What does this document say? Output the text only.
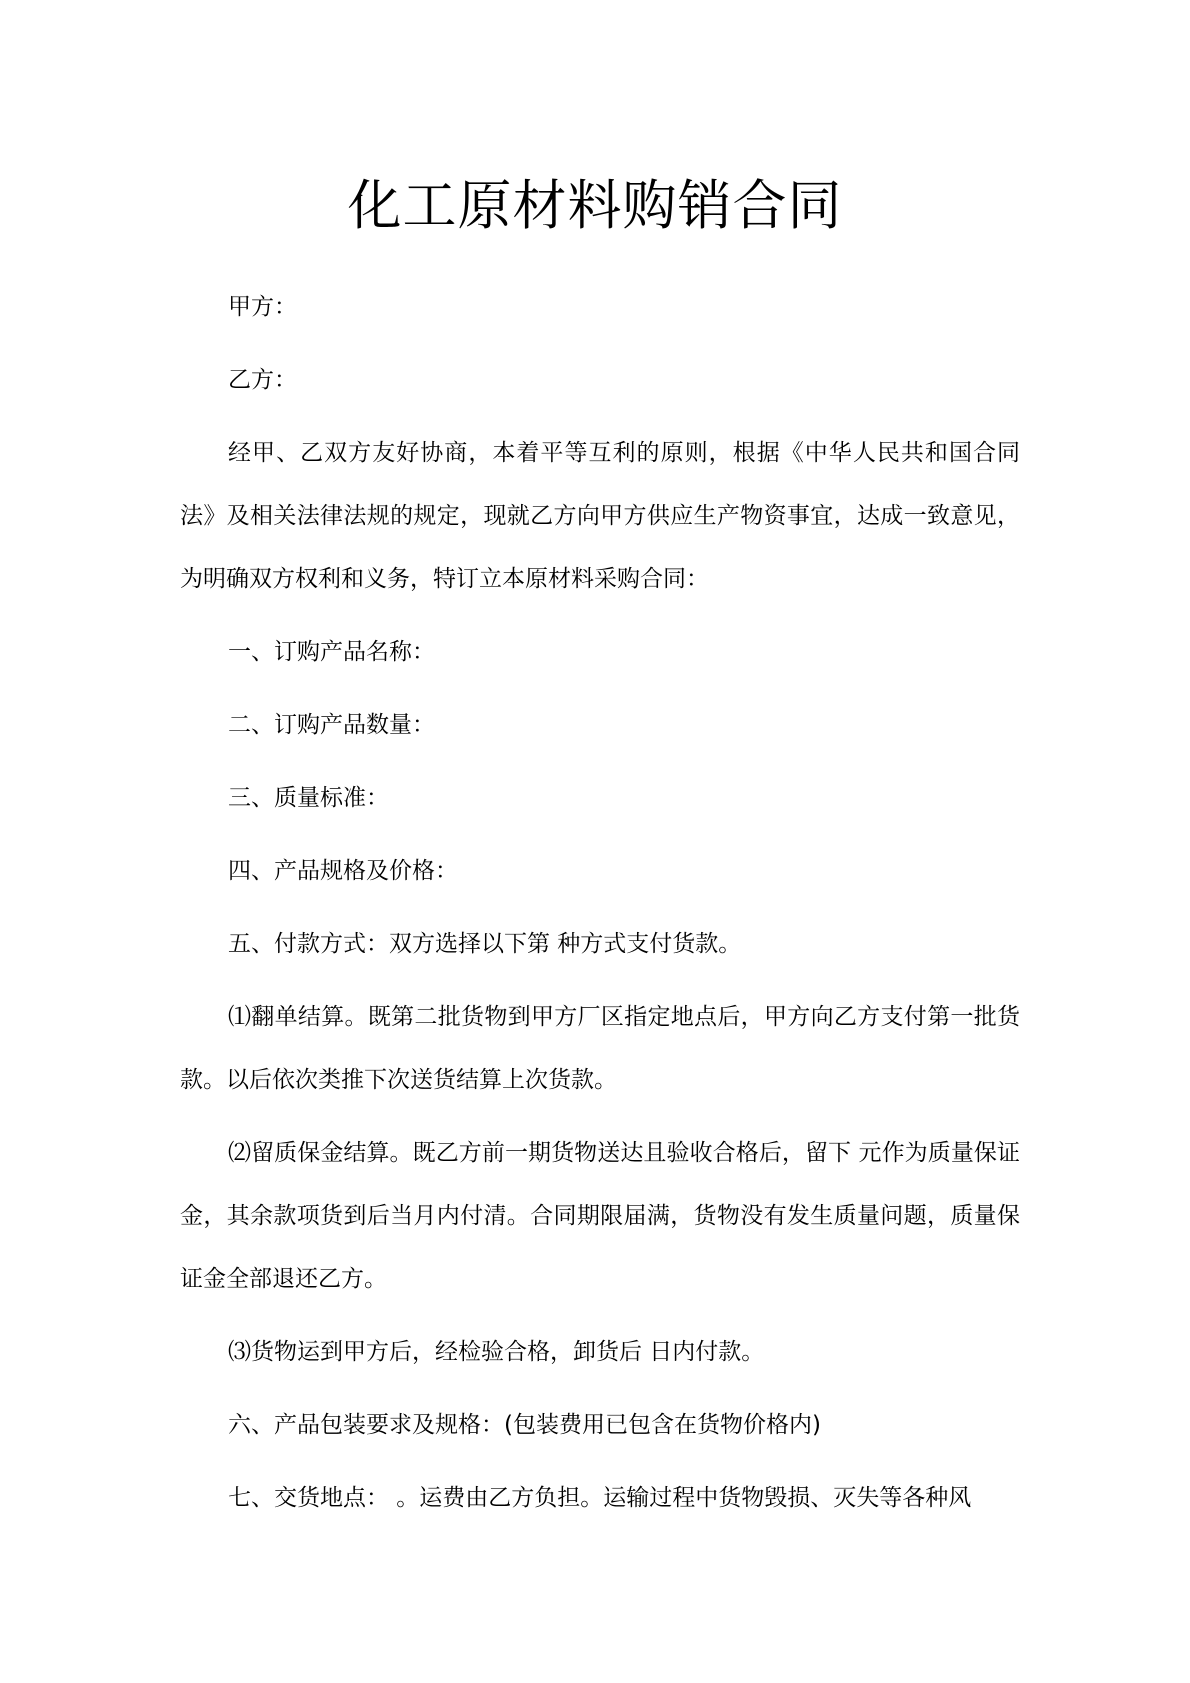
化工原材料购销合同

甲方：

乙方：

经甲、乙双方友好协商，本着平等互利的原则，根据《中华人民共和国合同法》及相关法律法规的规定，现就乙方向甲方供应生产物资事宜，达成一致意见，为明确双方权利和义务，特订立本原材料采购合同：

一、订购产品名称：

二、订购产品数量：

三、质量标准：

四、产品规格及价格：

五、付款方式：双方选择以下第 种方式支付货款。

⑴翻单结算。既第二批货物到甲方厂区指定地点后，甲方向乙方支付第一批货款。以后依次类推下次送货结算上次货款。

⑵留质保金结算。既乙方前一期货物送达且验收合格后，留下 元作为质量保证金，其余款项货到后当月内付清。合同期限届满，货物没有发生质量问题，质量保证金全部退还乙方。

⑶货物运到甲方后，经检验合格，卸货后 日内付款。

六、产品包装要求及规格：(包装费用已包含在货物价格内)

七、交货地点： 。运费由乙方负担。运输过程中货物毁损、灭失等各种风
